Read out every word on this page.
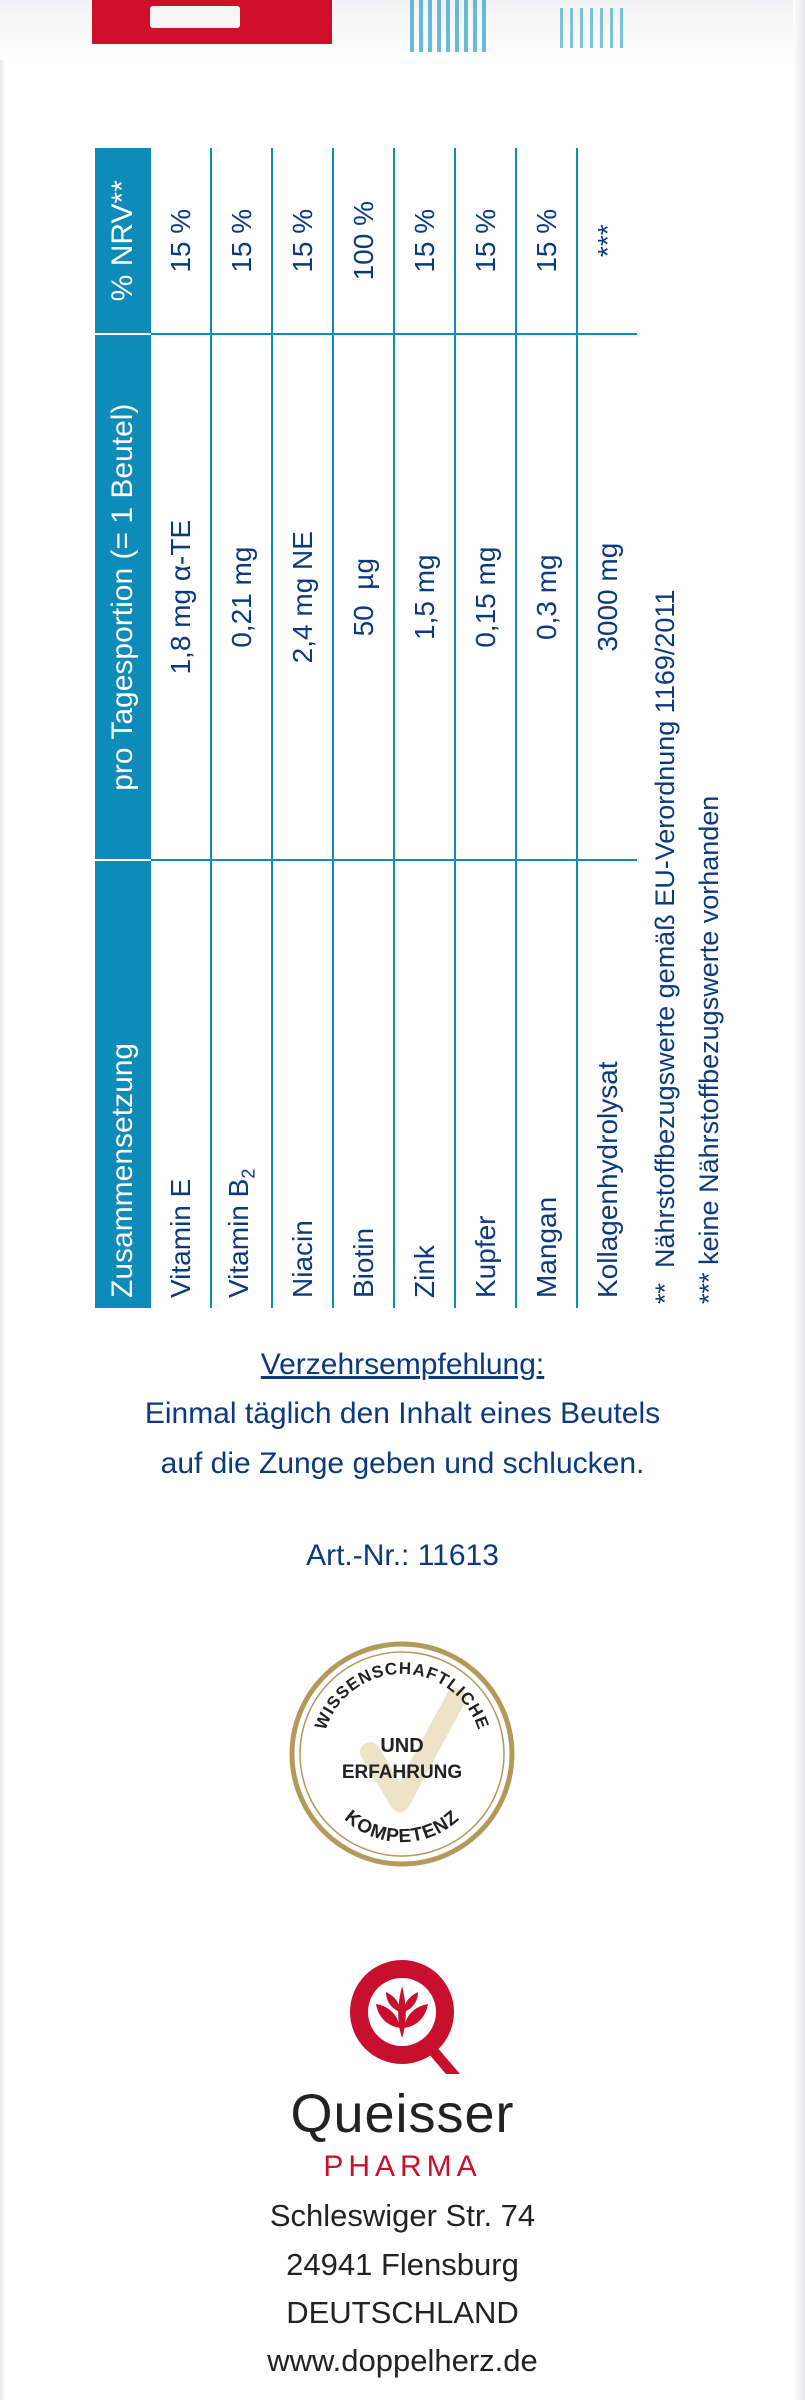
Zusammensetzung	pro Tagesportion (= 1 Beutel)	% NRV**
Vitamin E	1,8 mg α-TE	15 %
Vitamin $B_2$	0,21 mg	15 %
Niacin	2,4 mg NE	15 %
Biotin	50  µg	100 %
Zink	1,5 mg	15 %
Kupfer	0,15 mg	15 %
Mangan	0,3 mg	15 %
Kollagenhydrolysat	3000 mg	***
**  Nährstoffbezugswerte gemäß EU-Verordnung 1169/2011 *** keine Nährstoffbezugswerte vorhanden
Verzehrsempfehlung:
Einmal täglich den Inhalt eines Beutels
auf die Zunge geben und schlucken.
Art.-Nr.: 11613
WISSENSCHAFTLICHE
UND
ERFAHRUNG
KOMPETENZ
Queisser
PHARMA
Schleswiger Str. 74
24941 Flensburg
DEUTSCHLAND
www.doppelherz.de
